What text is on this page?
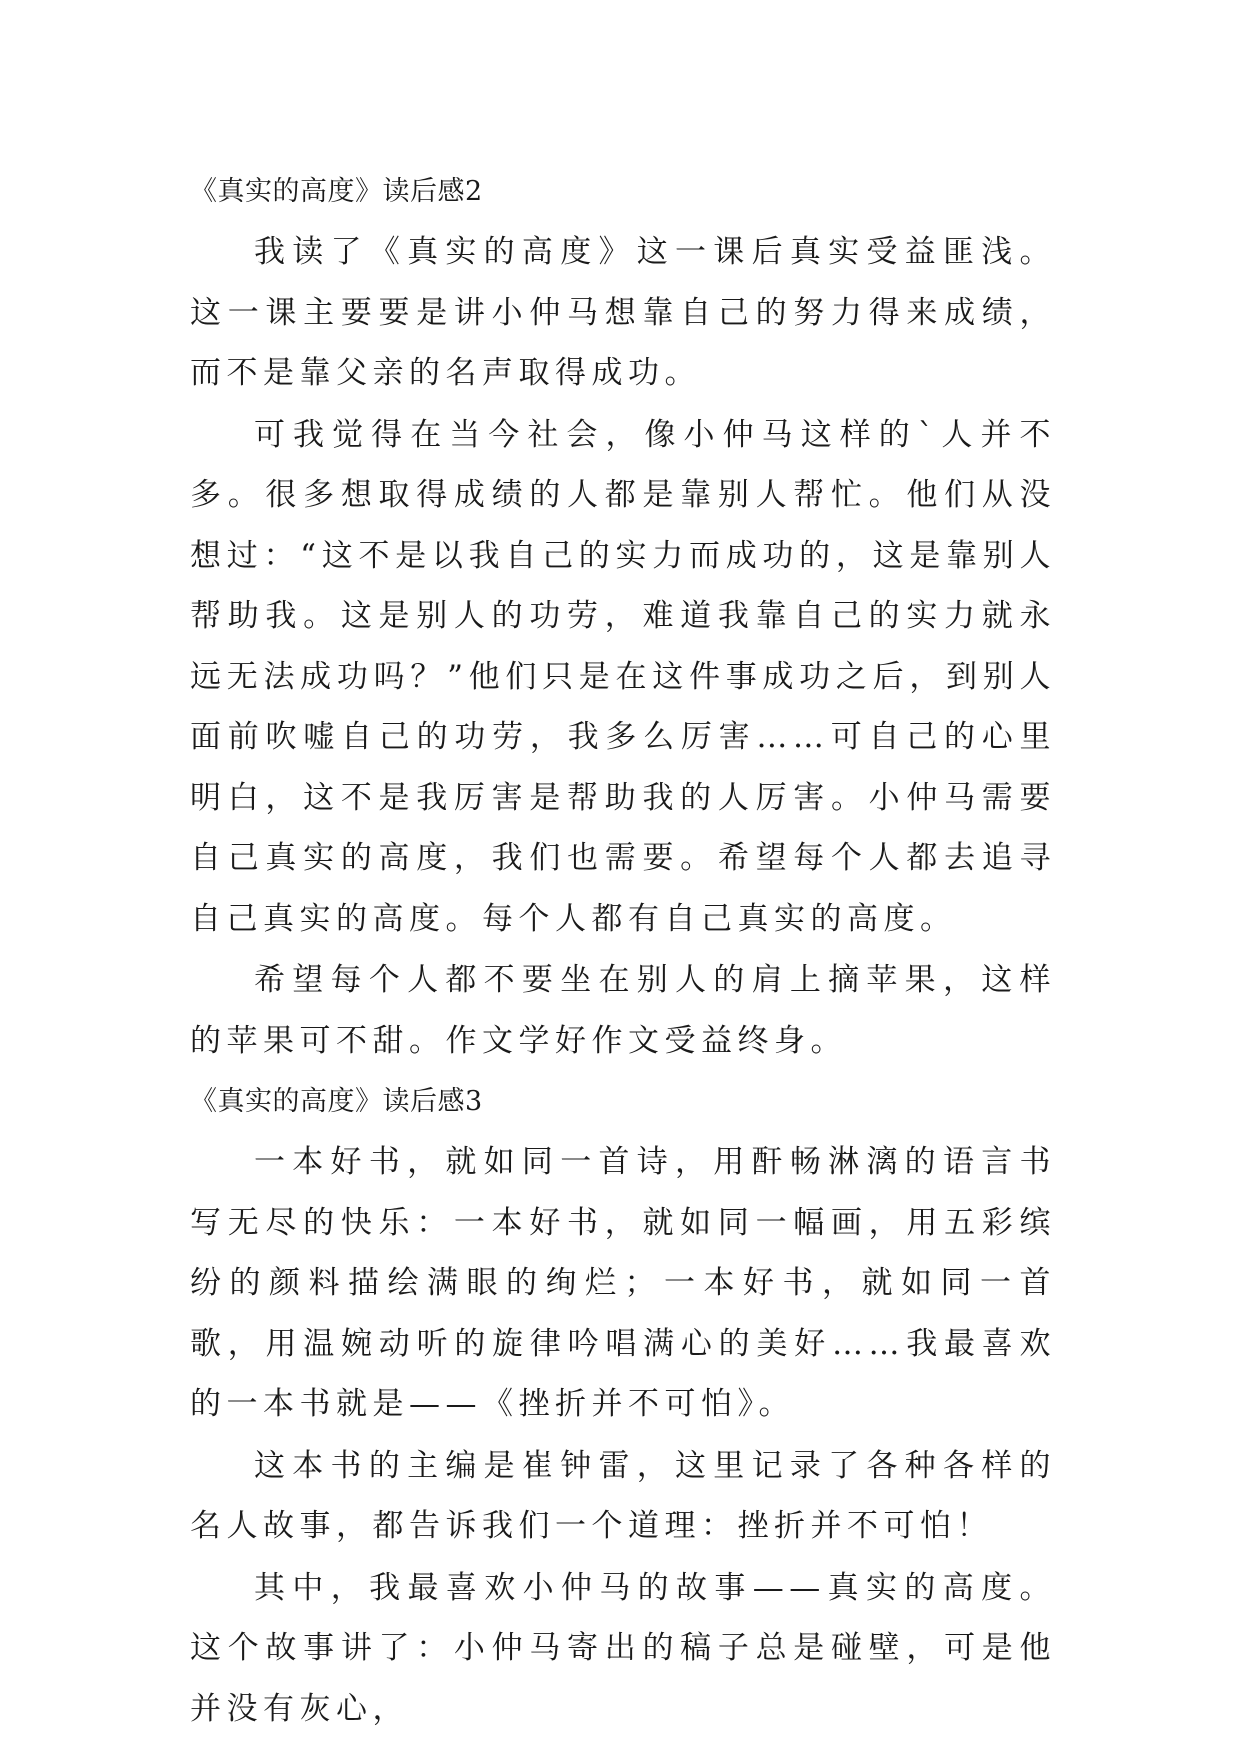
《真实的高度》读后感2

我读了《真实的高度》这一课后真实受益匪浅。这一课主要要是讲小仲马想靠自己的努力得来成绩，而不是靠父亲的名声取得成功。

可我觉得在当今社会，像小仲马这样的`人并不多。很多想取得成绩的人都是靠别人帮忙。他们从没想过：“这不是以我自己的实力而成功的，这是靠别人帮助我。这是别人的功劳，难道我靠自己的实力就永远无法成功吗？”他们只是在这件事成功之后，到别人面前吹嘘自己的功劳，我多么厉害……可自己的心里明白，这不是我厉害是帮助我的人厉害。小仲马需要自己真实的高度，我们也需要。希望每个人都去追寻自己真实的高度。每个人都有自己真实的高度。

希望每个人都不要坐在别人的肩上摘苹果，这样的苹果可不甜。作文学好作文受益终身。

《真实的高度》读后感3

一本好书，就如同一首诗，用酐畅淋漓的语言书写无尽的快乐：一本好书，就如同一幅画，用五彩缤纷的颜料描绘满眼的绚烂；一本好书，就如同一首歌，用温婉动听的旋律吟唱满心的美好……我最喜欢的一本书就是——《挫折并不可怕》。

这本书的主编是崔钟雷，这里记录了各种各样的名人故事，都告诉我们一个道理：挫折并不可怕！

其中，我最喜欢小仲马的故事——真实的高度。这个故事讲了：小仲马寄出的稿子总是碰壁，可是他并没有灰心，
